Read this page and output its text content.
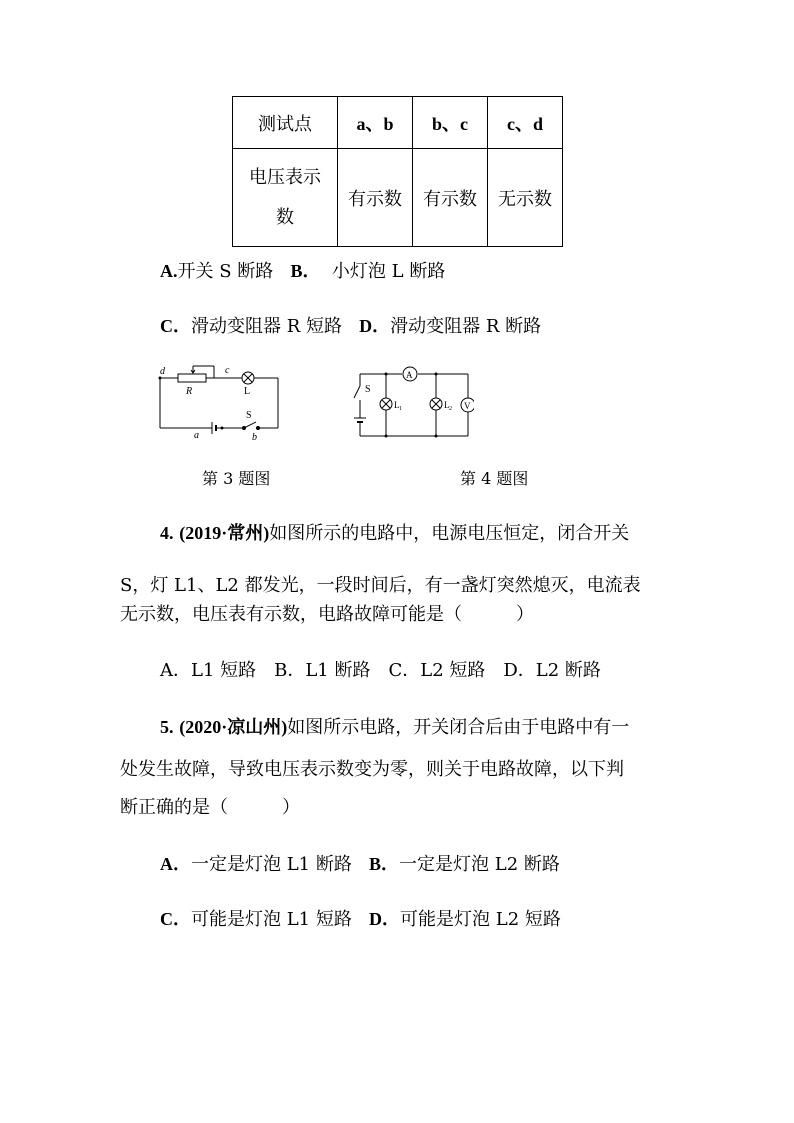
测试点	a、b	b、c	c、d

电压表示
数	有示数	有示数	无示数
A.开关 S 断路 B． 小灯泡 L 断路
C．滑动变阻器 R 短路 D．滑动变阻器 R 断路
d	c
R	L
S
a	b
S
A
L 1	L 2 V
第 3 题图	第 4 题图
4. (2019·常州)如图所示的电路中，电源电压恒定，闭合开关
S，灯 L1、L2 都发光，一段时间后，有一盏灯突然熄灭，电流表
无示数，电压表有示数，电路故障可能是（　　　）
A．L1 短路　B．L1 断路　C．L2 短路　D．L2 断路
5. (2020·凉山州)如图所示电路，开关闭合后由于电路中有一
处发生故障，导致电压表示数变为零，则关于电路故障，以下判
断正确的是（　　　）
A．一定是灯泡 L1 断路 B．一定是灯泡 L2 断路
C．可能是灯泡 L1 短路 D．可能是灯泡 L2 短路
